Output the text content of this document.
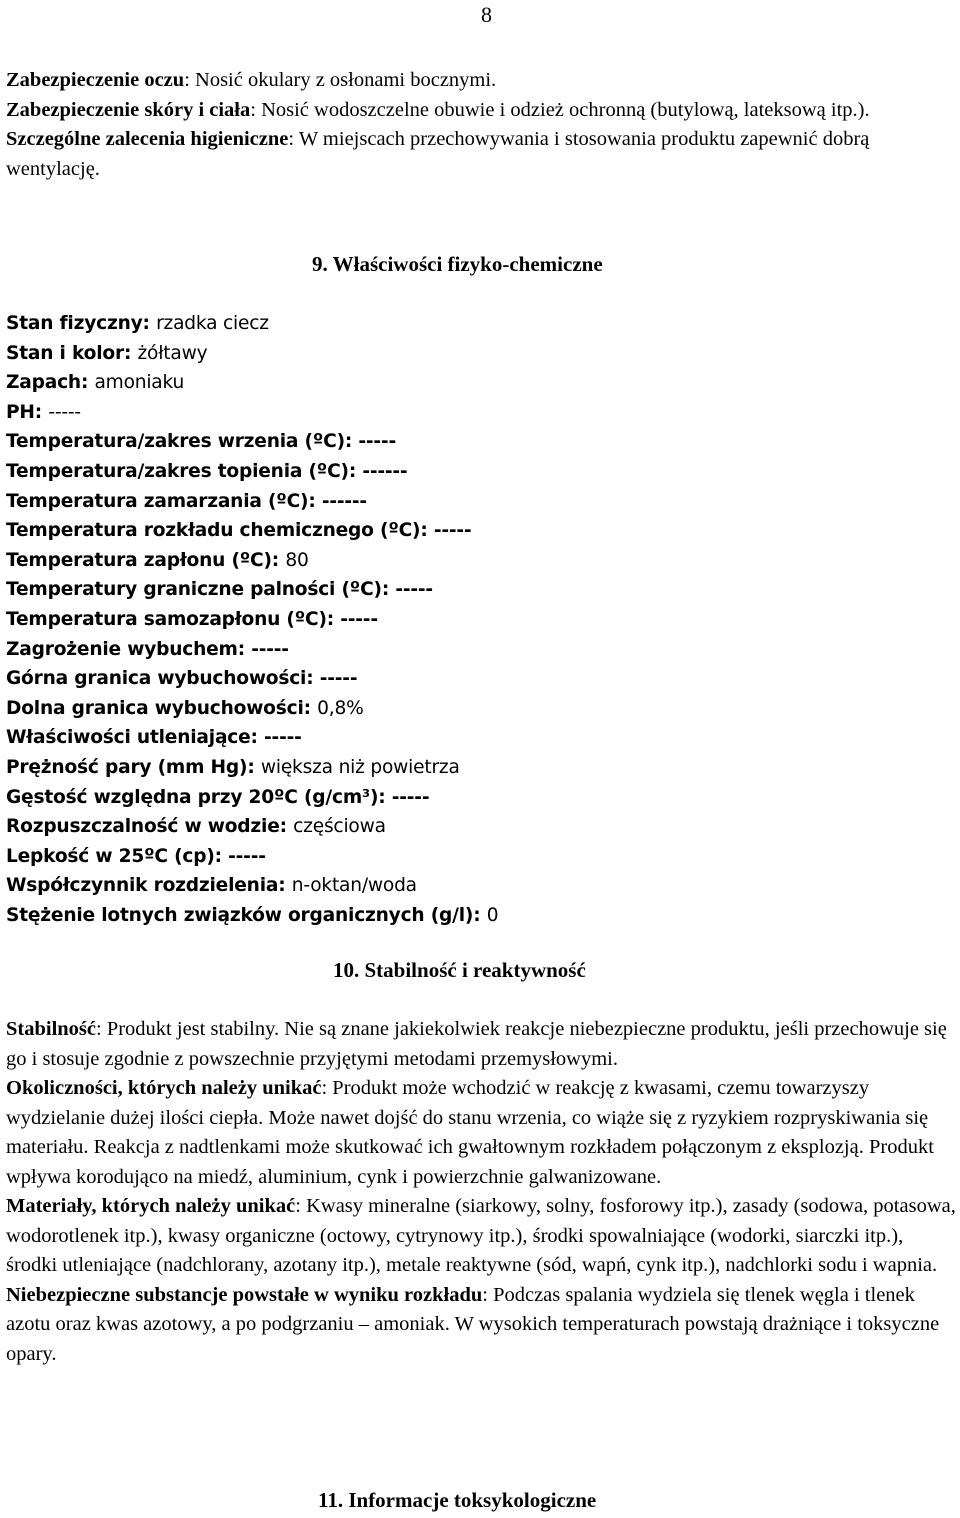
8

Zabezpieczenie oczu: Nosić okulary z osłonami bocznymi.

Zabezpieczenie skóry i ciała: Nosić wodoszczelne obuwie i odzież ochronną (butylową, lateksową itp.).

Szczególne zalecenia higieniczne: W miejscach przechowywania i stosowania produktu zapewnić dobrą wentylację.

9. Właściwości fizyko-chemiczne
Stan fizyczny: rzadka ciecz
Stan i kolor: żółtawy
Zapach: amoniaku
PH: -----
Temperatura/zakres wrzenia (ºC): -----
Temperatura/zakres topienia (ºC): ------
Temperatura zamarzania (ºC): ------
Temperatura rozkładu chemicznego (ºC): -----
Temperatura zapłonu (ºC): 80
Temperatury graniczne palności (ºC): -----
Temperatura samozapłonu (ºC): -----
Zagrożenie wybuchem: -----
Górna granica wybuchowości: -----
Dolna granica wybuchowości: 0,8%
Właściwości utleniające: -----
Prężność pary (mm Hg): większa niż powietrza
Gęstość względna przy 20ºC (g/cm³): -----
Rozpuszczalność w wodzie: częściowa
Lepkość w 25ºC (cp): -----
Współczynnik rozdzielenia: n-oktan/woda
Stężenie lotnych związków organicznych (g/l): 0
10. Stabilność i reaktywność

Stabilność: Produkt jest stabilny. Nie są znane jakiekolwiek reakcje niebezpieczne produktu, jeśli przechowuje się go i stosuje zgodnie z powszechnie przyjętymi metodami przemysłowymi.

Okoliczności, których należy unikać: Produkt może wchodzić w reakcję z kwasami, czemu towarzyszy wydzielanie dużej ilości ciepła. Może nawet dojść do stanu wrzenia, co wiąże się z ryzykiem rozpryskiwania się materiału. Reakcja z nadtlenkami może skutkować ich gwałtownym rozkładem połączonym z eksplozją. Produkt wpływa korodująco na miedź, aluminium, cynk i powierzchnie galwanizowane.

Materiały, których należy unikać: Kwasy mineralne (siarkowy, solny, fosforowy itp.), zasady (sodowa, potasowa, wodorotlenek itp.), kwasy organiczne (octowy, cytrynowy itp.), środki spowalniające (wodorki, siarczki itp.), środki utleniające (nadchlorany, azotany itp.), metale reaktywne (sód, wapń, cynk itp.), nadchlorki sodu i wapnia.

Niebezpieczne substancje powstałe w wyniku rozkładu: Podczas spalania wydziela się tlenek węgla i tlenek azotu oraz kwas azotowy, a po podgrzaniu – amoniak. W wysokich temperaturach powstają drażniące i toksyczne opary.

11. Informacje toksykologiczne
